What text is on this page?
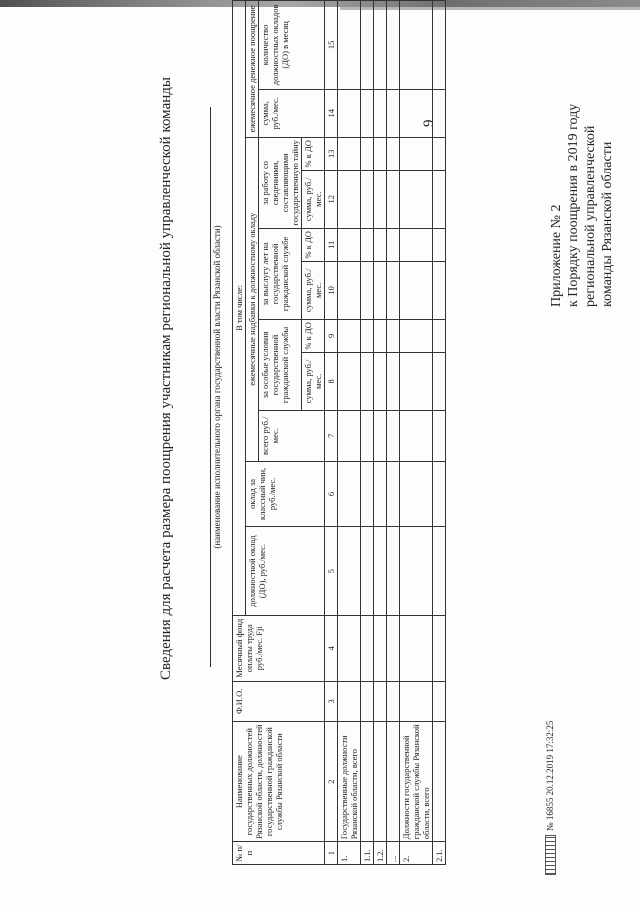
9
Приложение № 2 к Порядку поощрения в 2019 году региональной управленческой команды Рязанской области
Сведения для расчета размера поощрения участникам региональной управленческой команды	(наименование исполнительного органа государственной власти Рязанской области)
№ п/п	Наименование государственных должностей Рязанской области, должностей государственной гражданской службы Рязанской области	Ф.И.О.	Месячный фонд оплаты труда руб./мес. Fji	В том числе:										
				должностной оклад (ДО), руб./мес.	оклад за классный чин, руб./мес.	ежемесячные надбавки к должностному окладу							ежемесячное денежное поощрение	
						всего руб./мес.	за особые условия государственной гражданской службы		за выслугу лет на государственной гражданской службе		за работу со сведениями, составляющими государственную тайну		сумма, руб./мес.	количество должностных окладов (ДО) в месяц
							сумма, руб./мес.	% к ДО	сумма, руб./мес.	% к ДО	сумма, руб./мес.	% к ДО		
1	2	3	4	5	6	7	8	9	10	11	12	13	14	15
1.	Государственные должности Рязанской области, всего													
1.1.														
1.2.														
...														
2.	Должности государственной гражданской службы Рязанской области, всего													
2.1.														
№ 16855 20.12.2019 17:32:25
